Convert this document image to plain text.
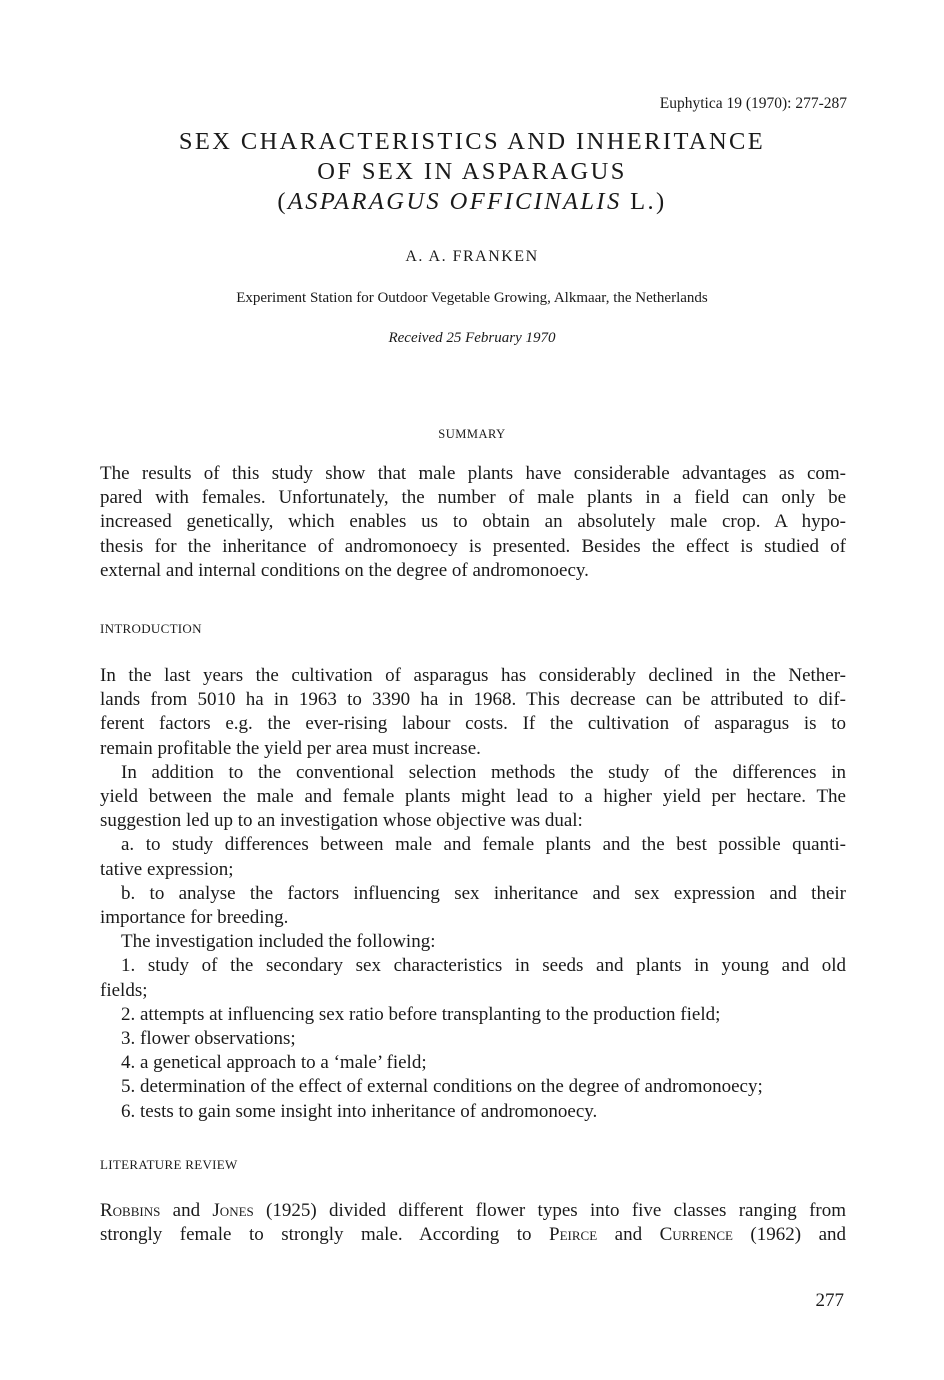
Euphytica 19 (1970): 277-287
SEX CHARACTERISTICS AND INHERITANCE
OF SEX IN ASPARAGUS
(ASPARAGUS OFFICINALIS L.)
A. A. FRANKEN
Experiment Station for Outdoor Vegetable Growing, Alkmaar, the Netherlands
Received 25 February 1970
SUMMARY
The results of this study show that male plants have considerable advantages as com-
pared with females. Unfortunately, the number of male plants in a field can only be
increased genetically, which enables us to obtain an absolutely male crop. A hypo-
thesis for the inheritance of andromonoecy is presented. Besides the effect is studied of
external and internal conditions on the degree of andromonoecy.
INTRODUCTION
In the last years the cultivation of asparagus has considerably declined in the Nether-
lands from 5010 ha in 1963 to 3390 ha in 1968. This decrease can be attributed to dif-
ferent factors e.g. the ever-rising labour costs. If the cultivation of asparagus is to
remain profitable the yield per area must increase.
In addition to the conventional selection methods the study of the differences in
yield between the male and female plants might lead to a higher yield per hectare. The
suggestion led up to an investigation whose objective was dual:
a. to study differences between male and female plants and the best possible quanti-
tative expression;
b. to analyse the factors influencing sex inheritance and sex expression and their
importance for breeding.
The investigation included the following:
1. study of the secondary sex characteristics in seeds and plants in young and old
fields;
2. attempts at influencing sex ratio before transplanting to the production field;
3. flower observations;
4. a genetical approach to a ‘male’ field;
5. determination of the effect of external conditions on the degree of andromonoecy;
6. tests to gain some insight into inheritance of andromonoecy.
LITERATURE REVIEW
Robbins and Jones (1925) divided different flower types into five classes ranging from
strongly female to strongly male. According to Peirce and Currence (1962) and
277
